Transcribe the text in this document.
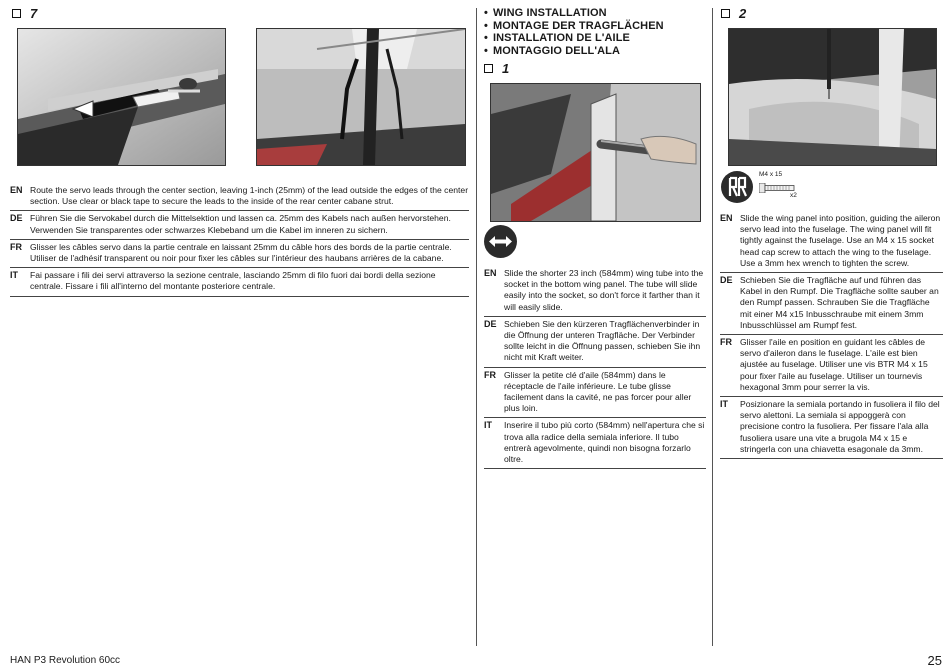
7
EN Route the servo leads through the center section, leaving 1-inch (25mm) of the lead outside the edges of the center section. Use clear or black tape to secure the leads to the inside of the rear center cabane strut.
DE Führen Sie die Servokabel durch die Mittelsektion und lassen ca. 25mm des Kabels nach außen hervorstehen. Verwenden Sie transparentes oder schwarzes Klebeband um die Kabel im inneren zu sichern.
FR Glisser les câbles servo dans la partie centrale en laissant 25mm du câble hors des bords de la partie centrale. Utiliser de l'adhésif transparent ou noir pour fixer les câbles sur l'intérieur des haubans arrières de la cabane.
IT	Fai passare i fili dei servi attraverso la sezione centrale, lasciando 25mm di filo fuori dai bordi della sezione centrale. Fissare i fili all'interno del montante posteriore centrale.
• WING INSTALLATION
• MONTAGE DER TRAGFLÄCHEN
• INSTALLATION DE L'AILE
• MONTAGGIO DELL'ALA
1
EN Slide the shorter 23 inch (584mm) wing tube into the socket in the bottom wing panel. The tube will slide easily into the socket, so don't force it farther than it will easily slide.
DE Schieben Sie den kürzeren Tragflächenverbinder in die Öffnung der unteren Tragfläche. Der Verbinder sollte leicht in die Öffnung passen, schieben Sie ihn nicht mit Kraft weiter.
FR Glisser la petite clé d'aile (584mm) dans le réceptacle de l'aile inférieure. Le tube glisse facilement dans la cavité, ne pas forcer pour aller plus loin.
IT	Inserire il tubo più corto (584mm) nell'apertura che si trova alla radice della semiala inferiore. Il tubo entrerà agevolmente, quindi non bisogna forzarlo oltre.
2
M4 x 15
x2
EN Slide the wing panel into position, guiding the aileron servo lead into the fuselage. The wing panel will fit tightly against the fuselage. Use an M4 x 15 socket head cap screw to attach the wing to the fuselage. Use a 3mm hex wrench to tighten the screw.
DE Schieben Sie die Tragfläche auf und führen das Kabel in den Rumpf. Die Tragfläche sollte sauber an den Rumpf passen. Schrauben Sie die Tragfläche mit einer M4 x15 Inbusschraube mit einem 3mm Inbusschlüssel am Rumpf fest.
FR Glisser l'aile en position en guidant les câbles de servo d'aileron dans le fuselage. L'aile est bien ajustée au fuselage. Utiliser une vis BTR M4 x 15 pour fixer l'aile au fuselage. Utiliser un tournevis hexagonal 3mm pour serrer la vis.
IT	Posizionare la semiala portando in fusoliera il filo del servo alettoni. La semiala si appoggerà con precisione contro la fusoliera. Per fissare l'ala alla fusoliera usare una vite a brugola M4 x 15 e stringerla con una chiavetta esagonale da 3mm.
HAN P3 Revolution 60cc	25
